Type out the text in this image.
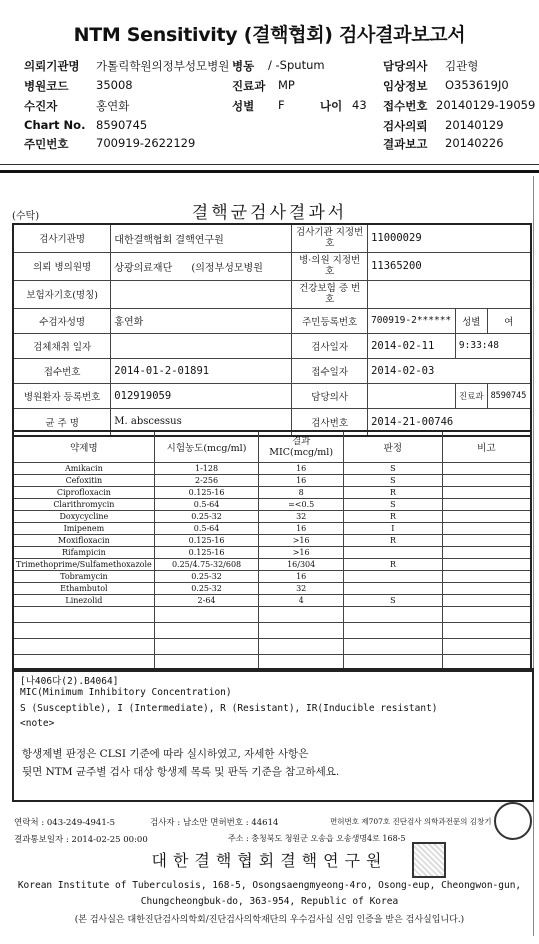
NTM Sensitivity (결핵협회) 검사결과보고서
의뢰기관명 가톨릭학원의정부성모병원 병동 / -Sputum	담당의사 김관형
병원코드 35008	진료과 MP	임상정보 O353619J0
수진자	홍연화	성별 F	나이 43 접수번호 20140129-19059
Chart No. 8590745	검사의뢰 20140129
주민번호 700919-2622129	결과보고 20140226
결핵균검사결과서
(수탁)
검사기관명	대한결핵협회 결핵연구원	검사기관 지정번호	11000029		
의뢰 병의원명	상광의료재단 (의정부성모병원	병·의원 지정번호	11365200		
보험자기호(명칭)		건강보험 증 번 호			
수검자성명	홍연화	주민등록번호	700919-2******	성별	여
검체채취 일자		검사일자	2014-02-11	9:33:48	
접수번호	2014-01-2-01891	접수일자	2014-02-03		
병원환자 등록번호	012919059	담당의사		진료과	8590745
균 주 명	M. abscessus	검사번호	2014-21-00746		
약제명	시험농도(mcg/ml)	결과 MIC(mcg/ml)	판정	비고
Amikacin	1-128	16	S	
Cefoxitin	2-256	16	S	
Ciprofloxacin	0.125-16	8	R	
Clarithromycin	0.5-64	=<0.5	S	
Doxycycline	0.25-32	32	R	
Imipenem	0.5-64	16	I	
Moxifloxacin	0.125-16	>16	R	
Rifampicin	0.125-16	>16		
Trimethoprime/Sulfamethoxazole	0.25/4.75-32/608	16/304	R	
Tobramycin	0.25-32	16		
Ethambutol	0.25-32	32		
Linezolid	2-64	4	S	

[나406다(2).B4064]
MIC(Minimum Inhibitory Concentration)
S (Susceptible), I (Intermediate), R (Resistant), IR(Inducible resistant)
<note>
항생제별 판정은 CLSI 기준에 따라 실시하였고, 자세한 사항은
뒷면 NTM 균주별 검사 대상 항생제 목록 및 판독 기준을 참고하세요.
연락처 : 043-249-4941-5	검사자 : 남소만 면허번호 : 44614	면허번호 제707호 진단검사 의학과전문의 김창기
결과통보일자 : 2014-02-25 00:00	주소 : 충청북도 청원군 오송읍 오송생명4로 168-5
대한결핵협회결핵연구원
Korean Institute of Tuberculosis, 168-5, Osongsaengmyeong-4ro, Osong-eup, Cheongwon-gun,
Chungcheongbuk-do, 363-954, Republic of Korea
(본 검사실은 대한진단검사의학회/진단검사의학재단의 우수검사실 신임 인증을 받은 검사실입니다.)
